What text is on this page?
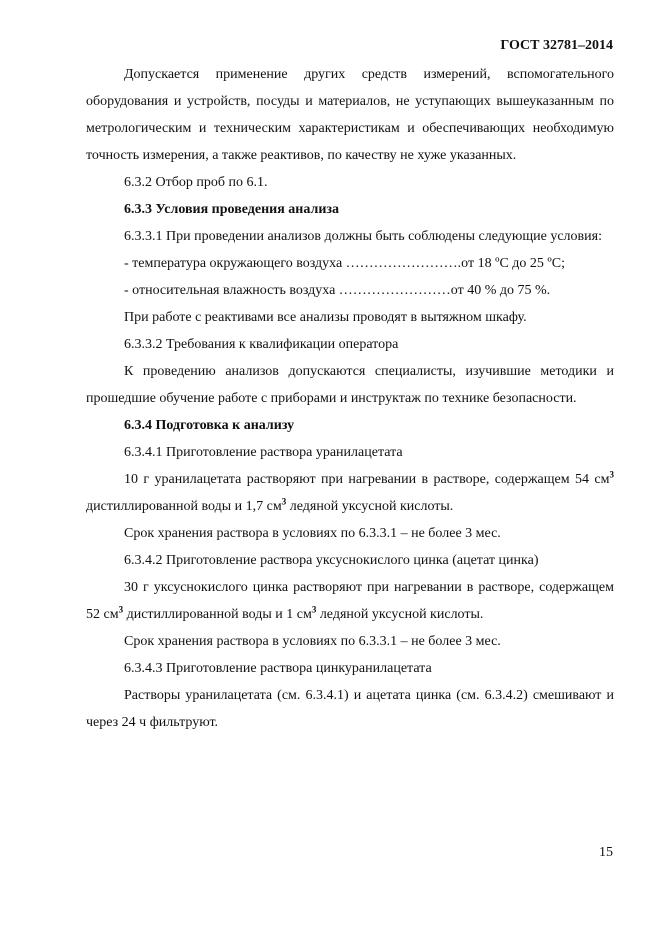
ГОСТ 32781–2014

Допускается применение других средств измерений, вспомогательного оборудования и устройств, посуды и материалов, не уступающих вышеуказанным по метрологическим и техническим характеристикам и обеспечивающих необходимую точность измерения, а также реактивов, по качеству не хуже указанных.

6.3.2 Отбор проб по 6.1.

6.3.3 Условия проведения анализа

6.3.3.1 При проведении анализов должны быть соблюдены следующие условия:

- температура окружающего воздуха …………………….от 18 ºС до 25 ºС;

- относительная влажность воздуха ……………………от 40 % до 75 %.

При работе с реактивами все анализы проводят в вытяжном шкафу.

6.3.3.2 Требования к квалификации оператора

К проведению анализов допускаются специалисты, изучившие методики и прошедшие обучение работе с приборами и инструктаж по технике безопасности.

6.3.4 Подготовка к анализу

6.3.4.1 Приготовление раствора уранилацетата

10 г уранилацетата растворяют при нагревании в растворе, содержащем 54 $см^3$ дистиллированной воды и 1,7 $см^3$ ледяной уксусной кислоты.

Срок хранения раствора в условиях по 6.3.3.1 – не более 3 мес.

6.3.4.2 Приготовление раствора уксуснокислого цинка (ацетат цинка)

30 г уксуснокислого цинка растворяют при нагревании в растворе, содержащем 52 $см^3$ дистиллированной воды и 1 $см^3$ ледяной уксусной кислоты.

Срок хранения раствора в условиях по 6.3.3.1 – не более 3 мес.

6.3.4.3 Приготовление раствора цинкуранилацетата

Растворы уранилацетата (см. 6.3.4.1) и ацетата цинка (см. 6.3.4.2) смешивают и через 24 ч фильтруют.

15
